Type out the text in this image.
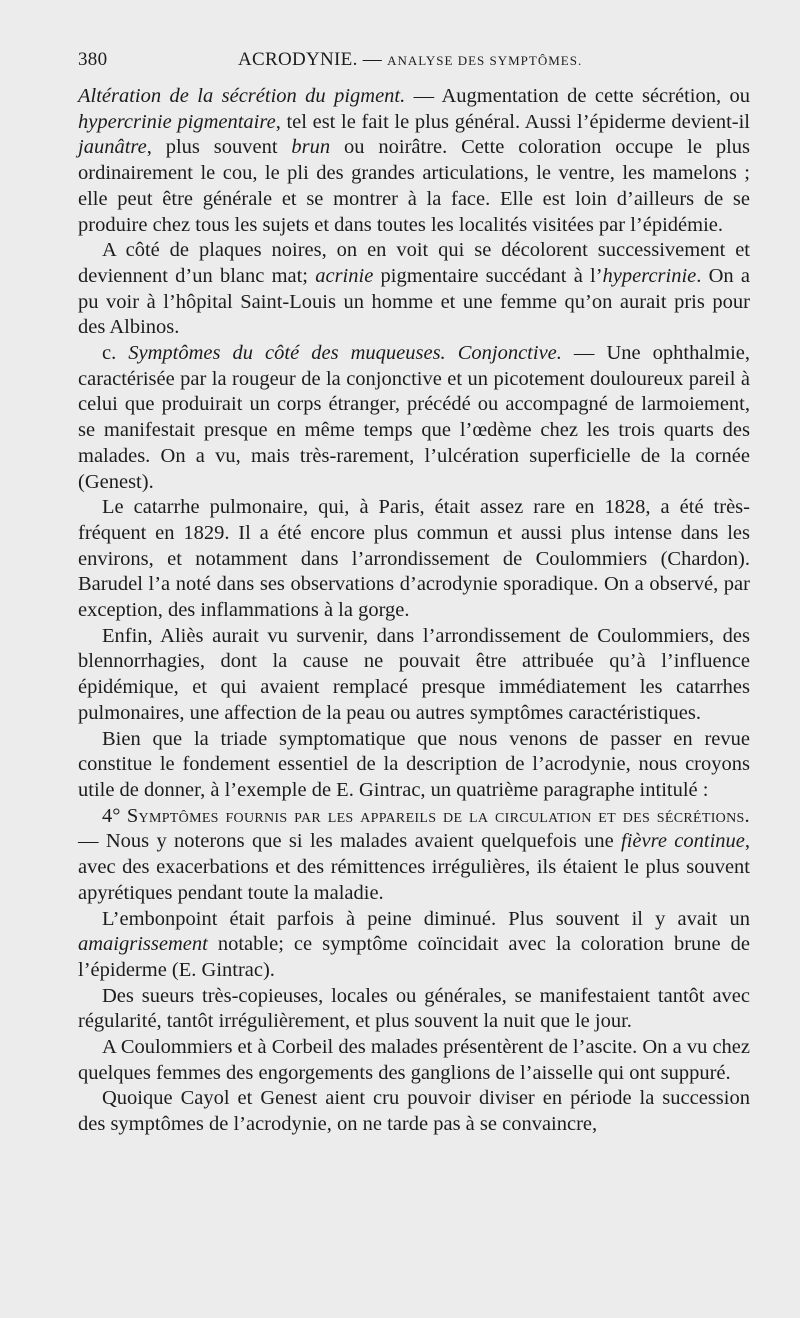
380	ACRODYNIE. — ANALYSE DES SYMPTÔMES.

Altération de la sécrétion du pigment. — Augmentation de cette sécrétion, ou hypercrinie pigmentaire, tel est le fait le plus général. Aussi l’épiderme devient-il jaunâtre, plus souvent brun ou noirâtre. Cette coloration occupe le plus ordinairement le cou, le pli des grandes articulations, le ventre, les mamelons ; elle peut être générale et se montrer à la face. Elle est loin d’ailleurs de se produire chez tous les sujets et dans toutes les localités visitées par l’épidémie.

A côté de plaques noires, on en voit qui se décolorent successivement et deviennent d’un blanc mat; acrinie pigmentaire succédant à l’hypercrinie. On a pu voir à l’hôpital Saint-Louis un homme et une femme qu’on aurait pris pour des Albinos.

c. Symptômes du côté des muqueuses. Conjonctive. — Une ophthalmie, caractérisée par la rougeur de la conjonctive et un picotement douloureux pareil à celui que produirait un corps étranger, précédé ou accompagné de larmoiement, se manifestait presque en même temps que l’œdème chez les trois quarts des malades. On a vu, mais très-rarement, l’ulcération superficielle de la cornée (Genest).

Le catarrhe pulmonaire, qui, à Paris, était assez rare en 1828, a été très-fréquent en 1829. Il a été encore plus commun et aussi plus intense dans les environs, et notamment dans l’arrondissement de Coulommiers (Chardon). Barudel l’a noté dans ses observations d’acrodynie sporadique. On a observé, par exception, des inflammations à la gorge.

Enfin, Aliès aurait vu survenir, dans l’arrondissement de Coulommiers, des blennorrhagies, dont la cause ne pouvait être attribuée qu’à l’influence épidémique, et qui avaient remplacé presque immédiatement les catarrhes pulmonaires, une affection de la peau ou autres symptômes caractéristiques.

Bien que la triade symptomatique que nous venons de passer en revue constitue le fondement essentiel de la description de l’acrodynie, nous croyons utile de donner, à l’exemple de E. Gintrac, un quatrième paragraphe intitulé :

4° Symptômes fournis par les appareils de la circulation et des sécrétions. — Nous y noterons que si les malades avaient quelquefois une fièvre continue, avec des exacerbations et des rémittences irrégulières, ils étaient le plus souvent apyrétiques pendant toute la maladie.

L’embonpoint était parfois à peine diminué. Plus souvent il y avait un amaigrissement notable; ce symptôme coïncidait avec la coloration brune de l’épiderme (E. Gintrac).

Des sueurs très-copieuses, locales ou générales, se manifestaient tantôt avec régularité, tantôt irrégulièrement, et plus souvent la nuit que le jour.

A Coulommiers et à Corbeil des malades présentèrent de l’ascite. On a vu chez quelques femmes des engorgements des ganglions de l’aisselle qui ont suppuré.

Quoique Cayol et Genest aient cru pouvoir diviser en période la succession des symptômes de l’acrodynie, on ne tarde pas à se convaincre,
